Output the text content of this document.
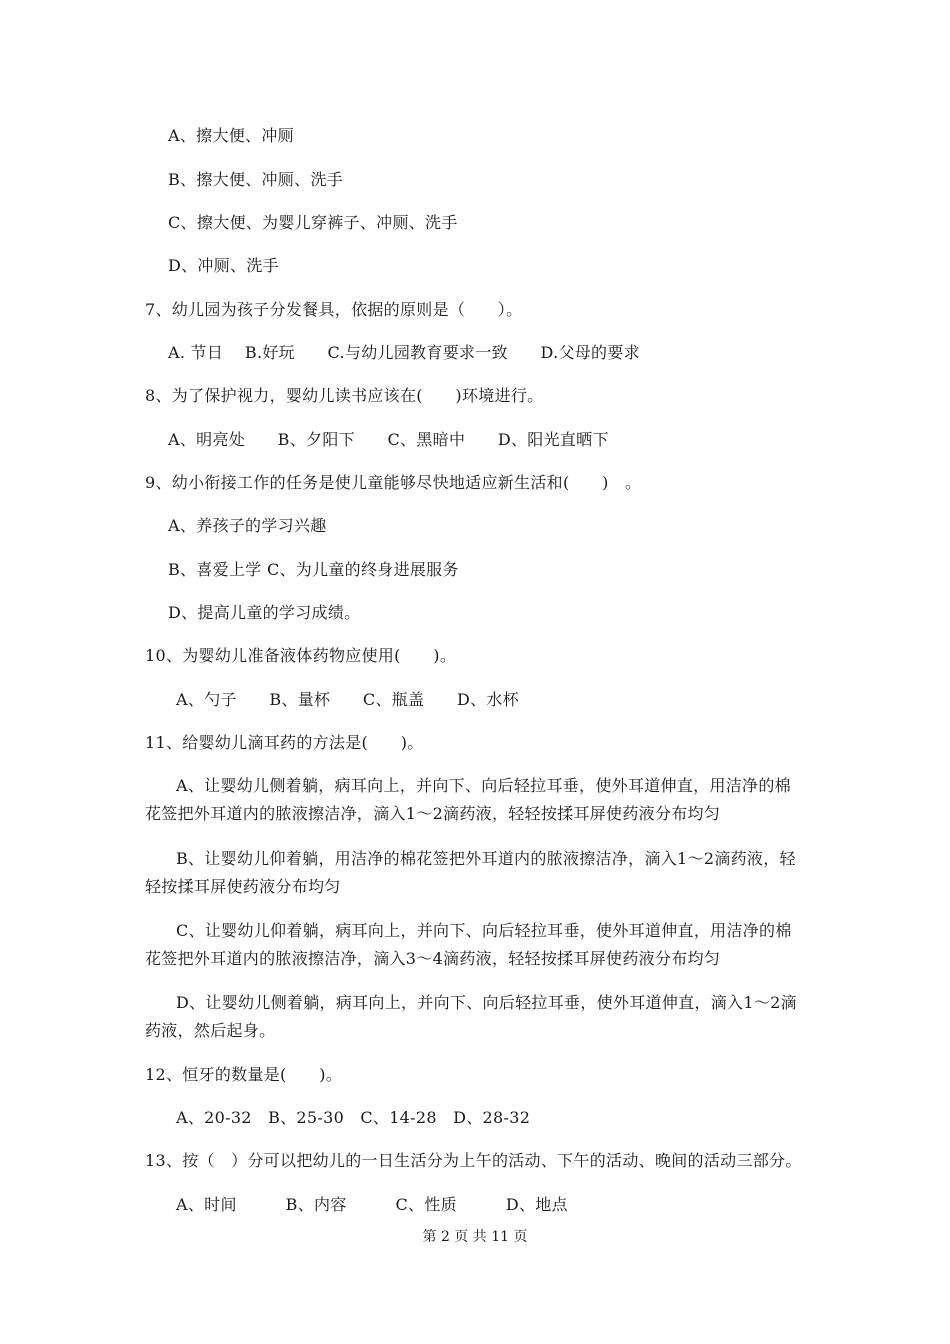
A、擦大便、冲厕
B、擦大便、冲厕、洗手
C、擦大便、为婴儿穿裤子、冲厕、洗手
D、冲厕、洗手
7、幼儿园为孩子分发餐具，依据的原则是（　　）。
A. 节日　 B.好玩　　C.与幼儿园教育要求一致　　D.父母的要求
8、为了保护视力，婴幼儿读书应该在(　　)环境进行。
A、明亮处　　B、夕阳下　　C、黑暗中　　D、阳光直晒下
9、幼小衔接工作的任务是使儿童能够尽快地适应新生活和(　　)　。
A、养孩子的学习兴趣
B、喜爱上学 C、为儿童的终身进展服务
D、提高儿童的学习成绩。
10、为婴幼儿准备液体药物应使用(　　)。
A、勺子　　B、量杯　　C、瓶盖　　D、水杯
11、给婴幼儿滴耳药的方法是(　　)。
A、让婴幼儿侧着躺，病耳向上，并向下、向后轻拉耳垂，使外耳道伸直，用洁净的棉
花签把外耳道内的脓液擦洁净，滴入1～2滴药液，轻轻按揉耳屏使药液分布均匀
B、让婴幼儿仰着躺，用洁净的棉花签把外耳道内的脓液擦洁净，滴入1～2滴药液，轻
轻按揉耳屏使药液分布均匀
C、让婴幼儿仰着躺，病耳向上，并向下、向后轻拉耳垂，使外耳道伸直，用洁净的棉
花签把外耳道内的脓液擦洁净，滴入3～4滴药液，轻轻按揉耳屏使药液分布均匀
D、让婴幼儿侧着躺，病耳向上，并向下、向后轻拉耳垂，使外耳道伸直，滴入1～2滴
药液，然后起身。
12、恒牙的数量是(　　)。
A、20-32　B、25-30　C、14-28　D、28-32
13、按（　）分可以把幼儿的一日生活分为上午的活动、下午的活动、晚间的活动三部分。
A、时间　　　B、内容　　　C、性质　　　D、地点
第 2 页 共 11 页
